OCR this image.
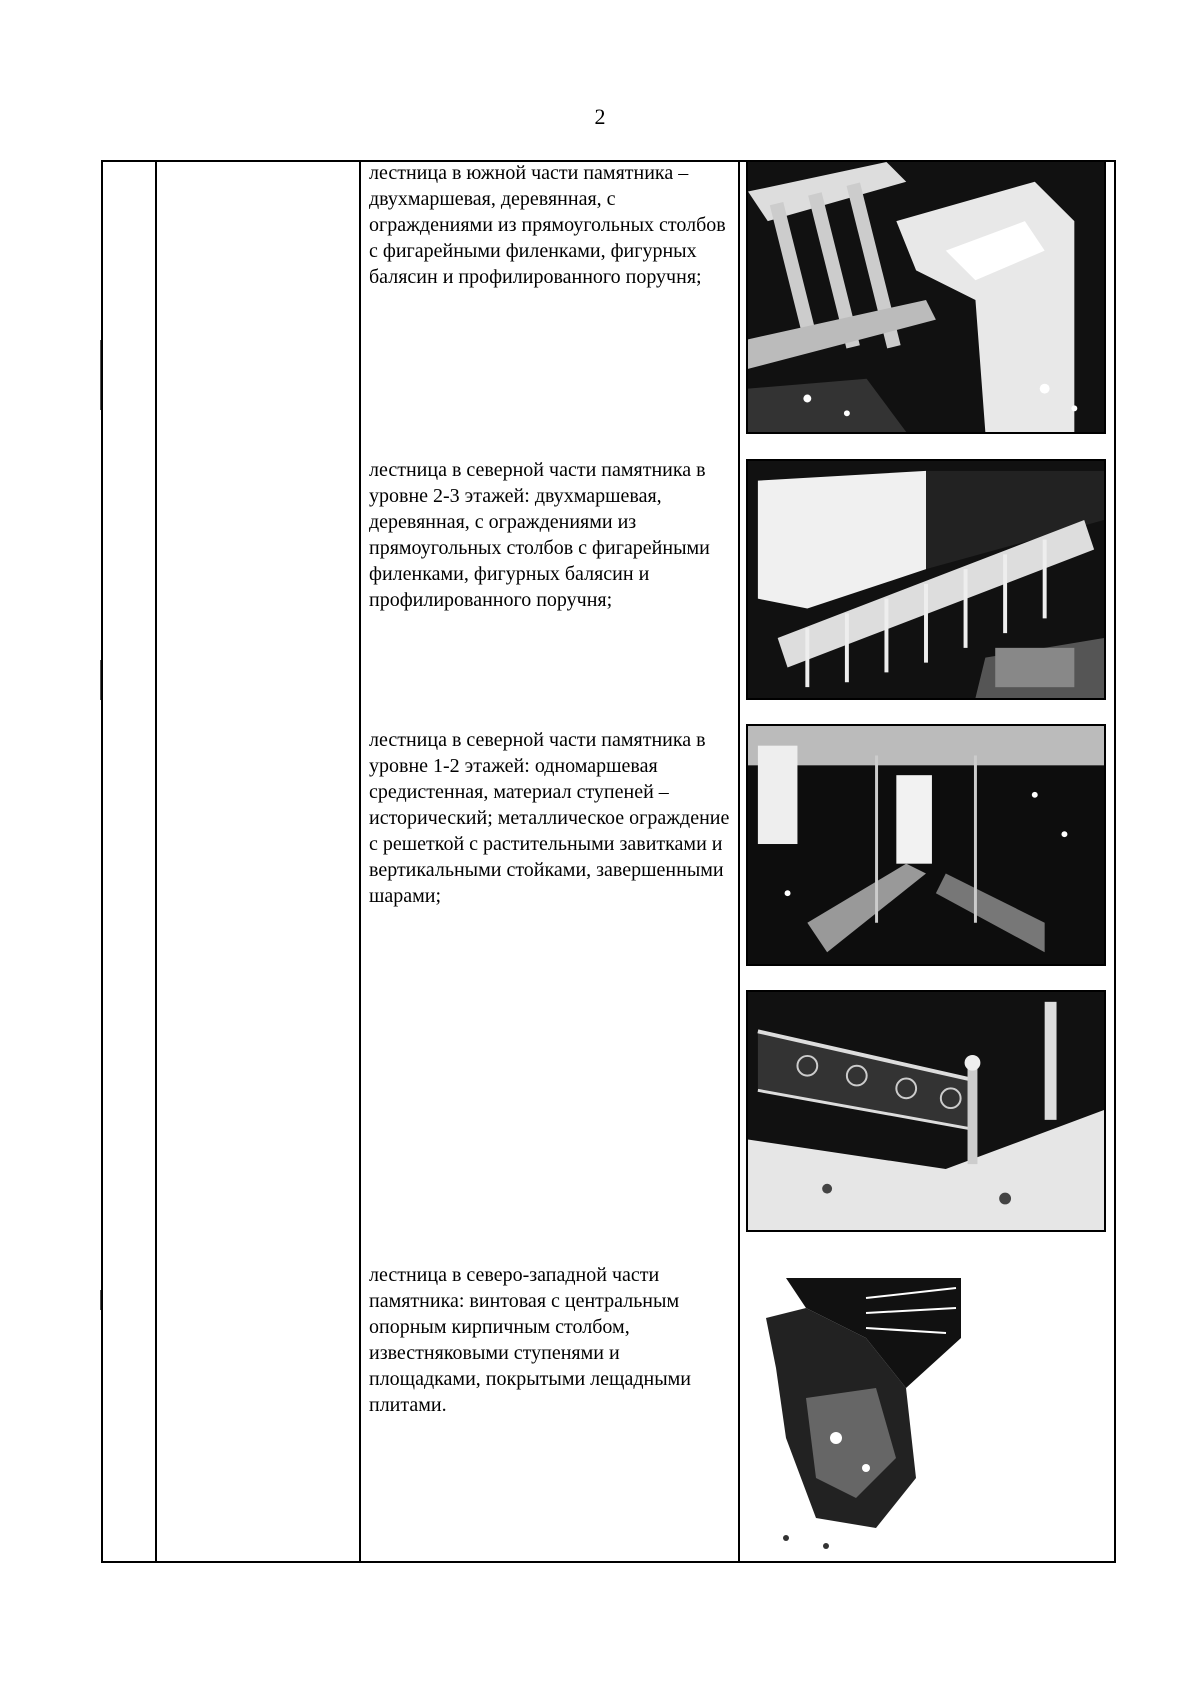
2

лестница в южной части памятника – двухмаршевая, деревянная, с ограждениями из прямоугольных столбов с фигарейными филенками, фигурных балясин и профилированного поручня;

лестница в северной части памятника в уровне 2-3 этажей: двухмаршевая, деревянная, с ограждениями из прямоугольных столбов с фигарейными филенками, фигурных балясин и профилированного поручня;

лестница в северной части памятника в уровне 1-2 этажей: одномаршевая средистенная, материал ступеней – исторический; металлическое ограждение с решеткой с растительными завитками и вертикальными стойками, завершенными шарами;

лестница в северо-западной части памятника: винтовая с центральным опорным кирпичным столбом, известняковыми ступенями и площадками, покрытыми лещадными плитами.
